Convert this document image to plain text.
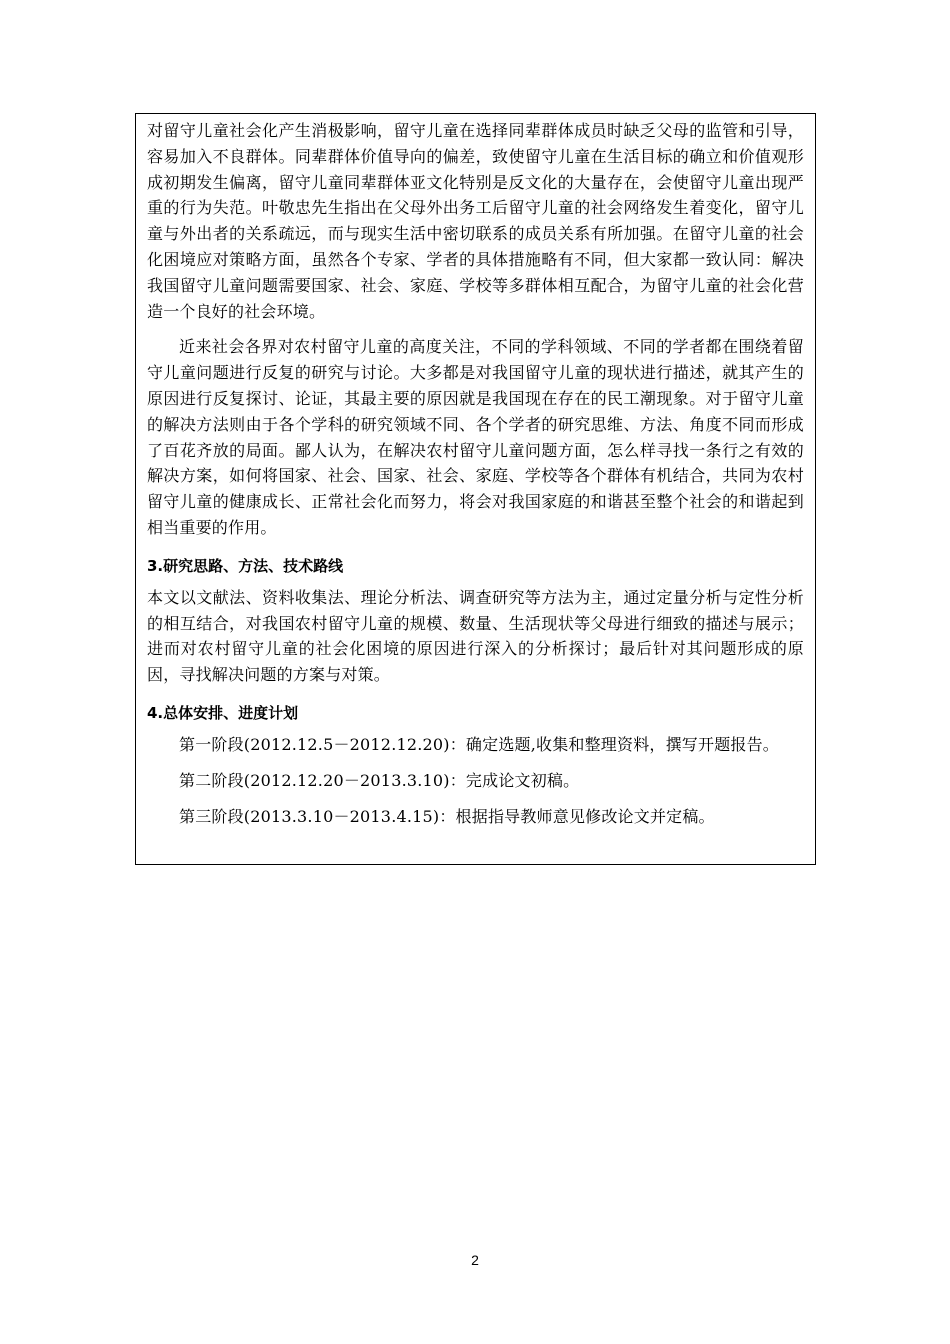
对留守儿童社会化产生消极影响，留守儿童在选择同辈群体成员时缺乏父母的监管和引导，容易加入不良群体。同辈群体价值导向的偏差，致使留守儿童在生活目标的确立和价值观形成初期发生偏离，留守儿童同辈群体亚文化特别是反文化的大量存在，会使留守儿童出现严重的行为失范。叶敬忠先生指出在父母外出务工后留守儿童的社会网络发生着变化，留守儿童与外出者的关系疏远，而与现实生活中密切联系的成员关系有所加强。在留守儿童的社会化困境应对策略方面，虽然各个专家、学者的具体措施略有不同，但大家都一致认同：解决我国留守儿童问题需要国家、社会、家庭、学校等多群体相互配合，为留守儿童的社会化营造一个良好的社会环境。

近来社会各界对农村留守儿童的高度关注，不同的学科领域、不同的学者都在围绕着留守儿童问题进行反复的研究与讨论。大多都是对我国留守儿童的现状进行描述，就其产生的原因进行反复探讨、论证，其最主要的原因就是我国现在存在的民工潮现象。对于留守儿童的解决方法则由于各个学科的研究领域不同、各个学者的研究思维、方法、角度不同而形成了百花齐放的局面。鄙人认为，在解决农村留守儿童问题方面，怎么样寻找一条行之有效的解决方案，如何将国家、社会、国家、社会、家庭、学校等各个群体有机结合，共同为农村留守儿童的健康成长、正常社会化而努力，将会对我国家庭的和谐甚至整个社会的和谐起到相当重要的作用。

3.研究思路、方法、技术路线

本文以文献法、资料收集法、理论分析法、调查研究等方法为主，通过定量分析与定性分析的相互结合，对我国农村留守儿童的规模、数量、生活现状等父母进行细致的描述与展示；进而对农村留守儿童的社会化困境的原因进行深入的分析探讨；最后针对其问题形成的原因，寻找解决问题的方案与对策。

4.总体安排、进度计划

第一阶段(2012.12.5－2012.12.20)：确定选题,收集和整理资料，撰写开题报告。

第二阶段(2012.12.20－2013.3.10)：完成论文初稿。

第三阶段(2013.3.10－2013.4.15)：根据指导教师意见修改论文并定稿。

2
